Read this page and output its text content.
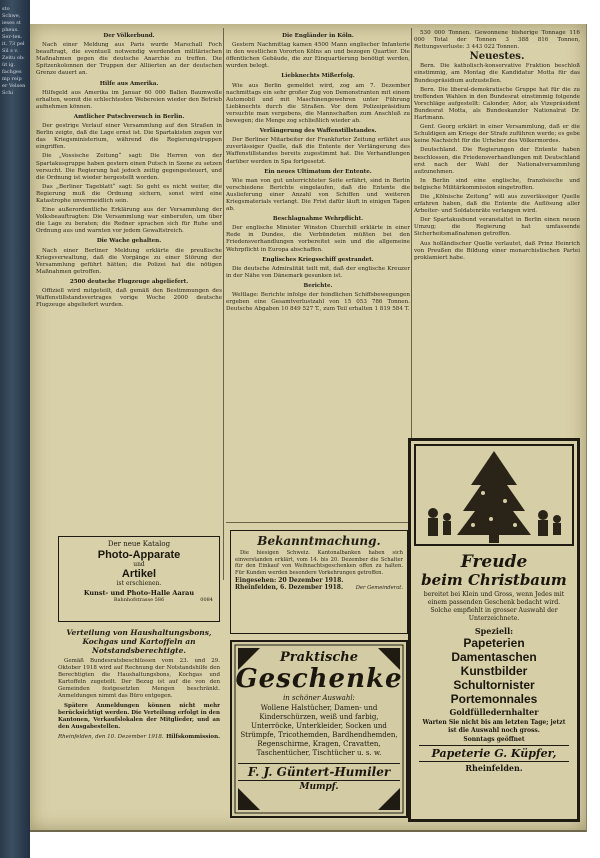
sto Schwe, ieses st pheus. Ser-ten. it. 73 pel Sil s v. Zeitu ob: üt ig. fachges mp reip er Velsen Schi

Der Völkerbund.

Nach einer Meldung aus Paris wurde Marschall Foch beauftragt, die eventuell notwendig werdenden militärischen Maßnahmen gegen die deutsche Anarchie zu treffen. Die Spitzenkolonnen der Truppen der Alliierten an der deutschen Grenze dauert an.

Hilfe aus Amerika.

Hilfsgeld aus Amerika im Januar 60 000 Ballen Baumwolle erhalten, womit die schlechtesten Webereien wieder den Betrieb aufnehmen können.

Amtlicher Putschversuch in Berlin.

Der gestrige Verlauf einer Versammlung auf den Straßen in Berlin zeigte, daß die Lage ernst ist. Die Spartakisten zogen vor das Kriegsministerium, während die Regierungstruppen eingriffen.

Die „Vossische Zeitung“ sagt: Die Herren von der Spartakusgruppe haben gestern einen Putsch in Szene zu setzen versucht. Die Regierung hat jedoch zeitig gegengesteuert, und die Ordnung ist wieder hergestellt worden.

Das „Berliner Tageblatt“ sagt: So geht es nicht weiter, die Regierung muß die Ordnung sichern, sonst wird eine Katastrophe unvermeidlich sein.

Eine außerordentliche Erklärung aus der Versammlung der Volksbeauftragten: Die Versammlung war einberufen, um über die Lage zu beraten; die Redner sprachen sich für Ruhe und Ordnung aus und warnten vor jedem Gewaltstreich.

Die Wache gehalten.

Nach einer Berliner Meldung erklärte die preußische Kriegsverwaltung, daß die Vorgänge zu einer Störung der Versammlung geführt hätten; die Polizei hat die nötigen Maßnahmen getroffen.

2500 deutsche Flugzeuge abgeliefert.

Offiziell wird mitgeteilt, daß gemäß den Bestimmungen des Waffenstillstandsvertrages vorige Woche 2000 deutsche Flugzeuge abgeliefert wurden.

Die Engländer in Köln.

Gestern Nachmittag kamen 4500 Mann englischer Infanterie in den westlichen Vororten Kölns an und bezogen Quartier. Die öffentlichen Gebäude, die zur Einquartierung benötigt werden, wurden belegt.

Liebknechts Mißerfolg.

Wie aus Berlin gemeldet wird, zog am 7. Dezember nachmittags ein sehr großer Zug von Demonstranten mit einem Automobil und mit Maschinengewehren unter Führung Liebknechts durch die Straßen. Vor dem Polizeipräsidium versuchte man vergebens, die Mannschaften zum Anschluß zu bewegen; die Menge zog schließlich wieder ab.

Verlängerung des Waffenstillstandes.

Der Berliner Mitarbeiter der Frankfurter Zeitung erfährt aus zuverlässiger Quelle, daß die Entente der Verlängerung des Waffenstillstandes bereits zugestimmt hat. Die Verhandlungen darüber werden in Spa fortgesetzt.

Ein neues Ultimatum der Entente.

Wie man von gut unterrichteter Seite erfährt, sind in Berlin verschiedene Berichte eingelaufen, daß die Entente die Auslieferung einer Anzahl von Schiffen und weiteren Kriegsmaterials verlangt. Die Frist dafür läuft in einigen Tagen ab.

Beschlagnahme Wehrpflicht.

Der englische Minister Winston Churchill erklärte in einer Rede in Dundee, die Verbündeten müßten bei den Friedensverhandlungen vorbereitet sein und die allgemeine Wehrpflicht in Europa abschaffen.

Englisches Kriegsschiff gestrandet.

Die deutsche Admiralität teilt mit, daß der englische Kreuzer in der Nähe von Dänemark gesunken ist.

Berichte.

Weltlage: Berichte infolge der feindlichen Schiffsbewegungen ergeben eine Gesamtverlustzahl von 15 053 786 Tonnen. Deutsche Abgaben 10 849 527 T., zum Teil erhalten 1 819 584 T.

530 000 Tonnen. Gewonnene bisherige Tonnage 116 000 Total der Tonnen 3 388 816 Tonnen, Rettungsverluste: 3 443 022 Tonnen.

Neuestes.

Bern. Die katholisch-konservative Fraktion beschloß einstimmig, am Montag die Kandidatur Motta für das Bundespräsidium aufzustellen.

Bern. Die liberal-demokratische Gruppe hat für die zu treffenden Wahlen in den Bundesrat einstimmig folgende Vorschläge aufgestellt: Calonder, Ador, als Vizepräsident Bundesrat Motta, als Bundeskanzler Nationalrat Dr. Hartmann.

Genf. Georg erklärt in einer Versammlung, daß er die Schuldigen am Kriege der Strafe zuführen werde; es gebe keine Nachsicht für die Urheber des Völkermordes.

Deutschland. Die Regierungen der Entente haben beschlossen, die Friedensverhandlungen mit Deutschland erst nach der Wahl der Nationalversammlung aufzunehmen.

In Berlin sind eine englische, französische und belgische Militärkommission eingetroffen.

Die „Kölnische Zeitung“ will aus zuverlässiger Quelle erfahren haben, daß die Entente die Auflösung aller Arbeiter- und Soldatenräte verlangen wird.

Der Spartakusbund veranstaltet in Berlin einen neuen Umzug; die Regierung hat umfassende Sicherheitsmaßnahmen getroffen.

Aus holländischer Quelle verlautet, daß Prinz Heinrich von Preußen die Bildung einer monarchistischen Partei proklamiert habe.

Der neue Katalog
Photo-Apparate
und
Artikel
ist erschienen.
Kunst- und Photo-Halle Aarau
Bahnhofstrasse 586	0084
Verteilung von Haushaltungsbons, Kochgas und Kartoffeln an Notstandsberechtigte.

Gemäß Bundesratsbeschlüssen vom 23. und 29. Oktober 1918 wird auf Rechnung der Notstandshilfe den Berechtigten die Haushaltungsbons, Kochgas und Kartoffeln zugeteilt. Der Bezug ist auf die von den Gemeinden festgesetzten Mengen beschränkt. Anmeldungen nimmt das Büro entgegen.

Spätere Anmeldungen können nicht mehr berücksichtigt werden. Die Verteilung erfolgt in den Kantonen, Verkaufslokalen der Mitglieder, und an den Ausgabestellen.

Rheinfelden, den 10. Dezember 1918. Hilfskommission.
Bekanntmachung.

Die hiesigen Schweiz. Kantonalbanken haben sich einverstanden erklärt, vom 14. bis 20. Dezember die Schalter für den Einkauf von Weihnachtsgeschenken offen zu halten. Für Kunden werden besondere Vorkehrungen getroffen.

Eingesehen: 20 Dezember 1918.
Rheinfelden, 6. Dezember 1918. Der Gemeinderat.
Praktische
Geschenke
in schöner Auswahl:
Wollene Halstücher, Damen- und Kinderschürzen, weiß und farbig, Unterröcke, Unterkleider, Socken und Strümpfe, Tricothemden, Bardhendhemden, Regenschirme, Kragen, Cravatten, Taschentücher, Tischtücher u. s. w.
F. J. Güntert-Humiler
Mumpf.
Freude
beim Christbaum
bereitet bei Klein und Gross, wenn Jedes mit einem passenden Geschenk bedacht wird. Solche empfiehlt in grosser Auswahl der Unterzeichnete.
Speziell:
Papeterien
Damentaschen
Kunstbilder
Schultornister
Portemonnales
Goldfülledernhalter
Warten Sie nicht bis am letzten Tage; jetzt ist die Auswahl noch gross.
Sonntags geöffnet
Papeterie G. Küpfer,
Rheinfelden.
